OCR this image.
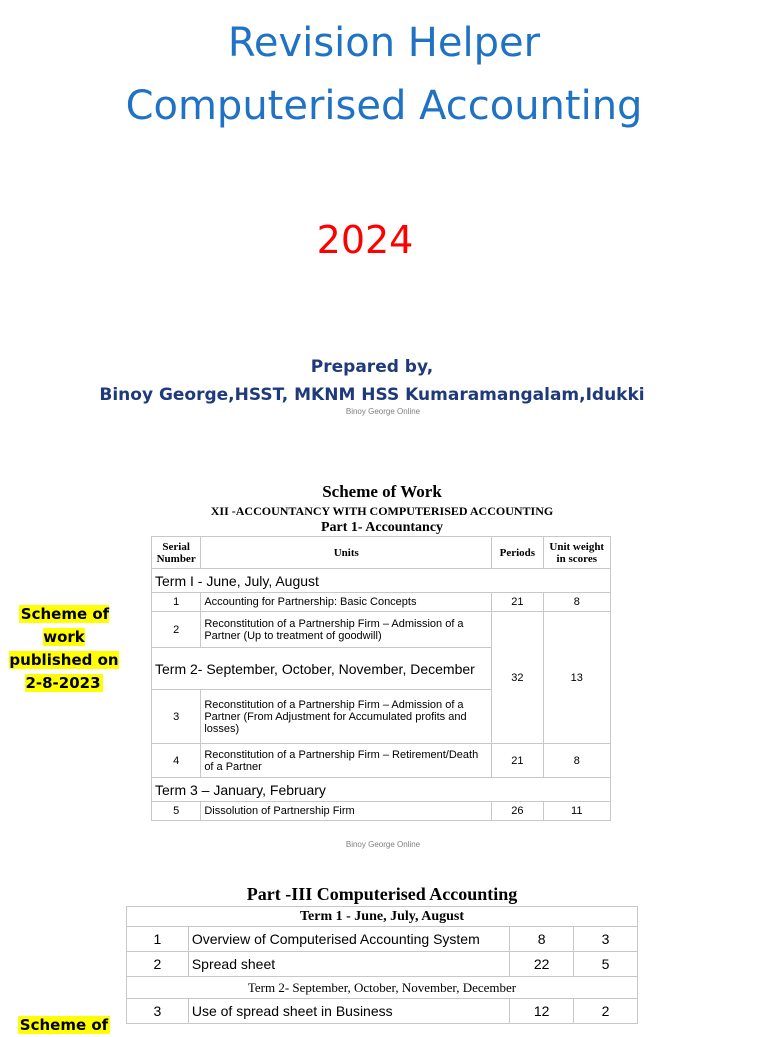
Revision Helper
Computerised Accounting
2024
Prepared by,
Binoy George,HSST, MKNM HSS Kumaramangalam,Idukki
Binoy George Online
Scheme of Work
XII -ACCOUNTANCY WITH COMPUTERISED ACCOUNTING
Part 1- Accountancy
Serial Number	Units	Periods	Unit weight in scores
Term I - June, July, August			
1	Accounting for Partnership: Basic Concepts	21	8
2	Reconstitution of a Partnership Firm – Admission of a Partner (Up to treatment of goodwill)	32	13
Term 2- September, October, November, December			
3	Reconstitution of a Partnership Firm – Admission of a Partner (From Adjustment for Accumulated profits and losses)		
4	Reconstitution of a Partnership Firm – Retirement/Death of a Partner	21	8
Term 3 – January, February			
5	Dissolution of Partnership Firm	26	11
Scheme of work published on 2-8-2023
Binoy George Online
Part -III Computerised Accounting
Term 1 - June, July, August			
1	Overview of Computerised Accounting System	8	3
2	Spread sheet	22	5
Term 2- September, October, November, December			
3	Use of spread sheet in Business	12	2
Scheme of
